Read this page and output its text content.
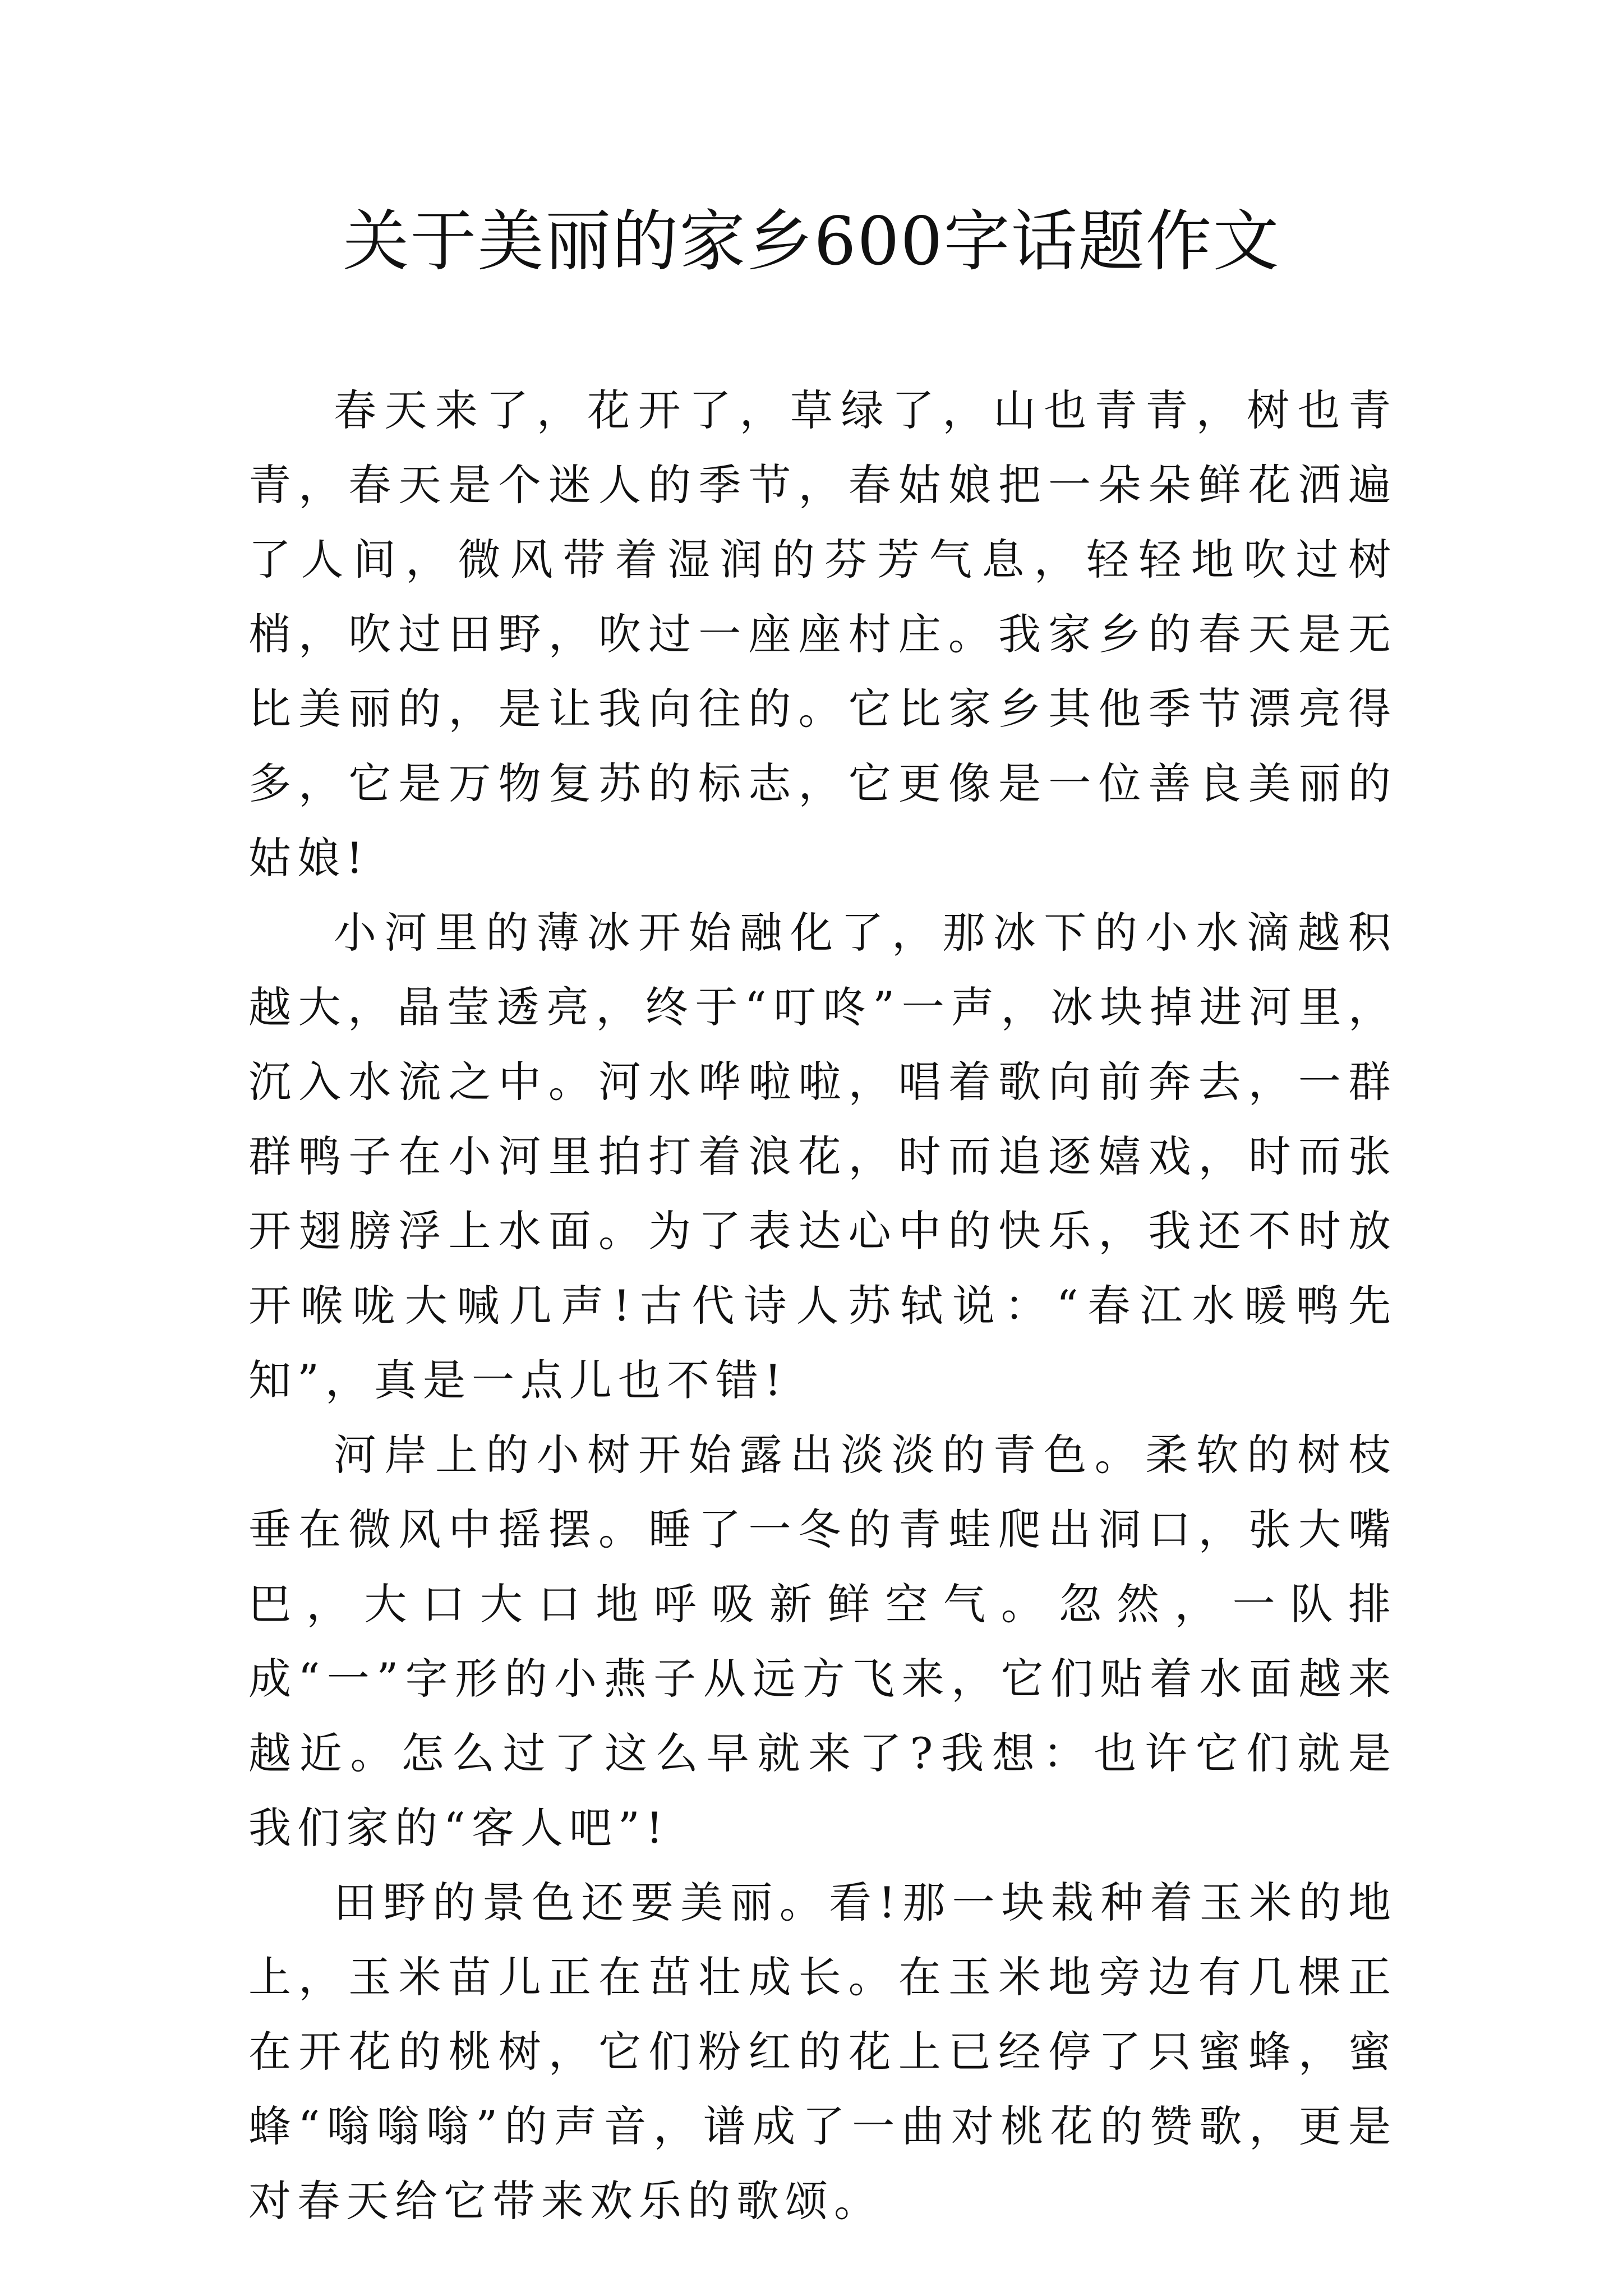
关于美丽的家乡600字话题作文

春天来了，花开了，草绿了，山也青青，树也青青，春天是个迷人的季节，春姑娘把一朵朵鲜花洒遍了人间，微风带着湿润的芬芳气息，轻轻地吹过树梢，吹过田野，吹过一座座村庄。我家乡的春天是无比美丽的，是让我向往的。它比家乡其他季节漂亮得多，它是万物复苏的标志，它更像是一位善良美丽的姑娘!

小河里的薄冰开始融化了，那冰下的小水滴越积越大，晶莹透亮，终于“叮咚”一声，冰块掉进河里，沉入水流之中。河水哗啦啦，唱着歌向前奔去，一群群鸭子在小河里拍打着浪花，时而追逐嬉戏，时而张开翅膀浮上水面。为了表达心中的快乐，我还不时放开喉咙大喊几声!古代诗人苏轼说：“春江水暖鸭先知”，真是一点儿也不错!

河岸上的小树开始露出淡淡的青色。柔软的树枝垂在微风中摇摆。睡了一冬的青蛙爬出洞口，张大嘴巴，大口大口地呼吸新鲜空气。忽然，一队排成“一”字形的小燕子从远方飞来，它们贴着水面越来越近。怎么过了这么早就来了?我想：也许它们就是我们家的“客人吧”!

田野的景色还要美丽。看!那一块栽种着玉米的地上，玉米苗儿正在茁壮成长。在玉米地旁边有几棵正在开花的桃树，它们粉红的花上已经停了只蜜蜂，蜜蜂“嗡嗡嗡”的声音，谱成了一曲对桃花的赞歌，更是对春天给它带来欢乐的歌颂。
